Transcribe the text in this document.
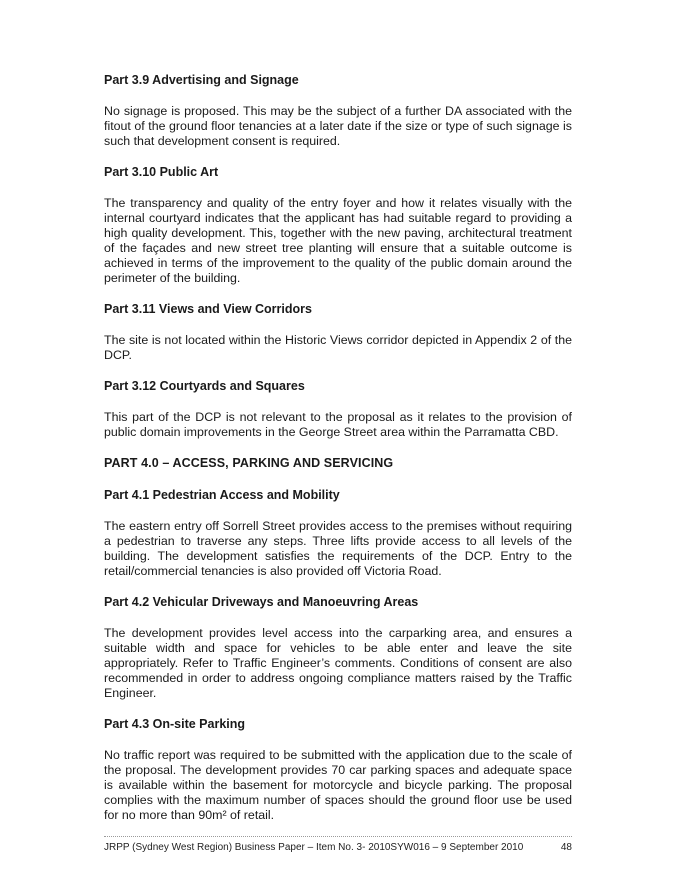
Part 3.9 Advertising and Signage
No signage is proposed. This may be the subject of a further DA associated with the fitout of the ground floor tenancies at a later date if the size or type of such signage is such that development consent is required.
Part 3.10 Public Art
The transparency and quality of the entry foyer and how it relates visually with the internal courtyard indicates that the applicant has had suitable regard to providing a high quality development. This, together with the new paving, architectural treatment of the façades and new street tree planting will ensure that a suitable outcome is achieved in terms of the improvement to the quality of the public domain around the perimeter of the building.
Part 3.11 Views and View Corridors
The site is not located within the Historic Views corridor depicted in Appendix 2 of the DCP.
Part 3.12 Courtyards and Squares
This part of the DCP is not relevant to the proposal as it relates to the provision of public domain improvements in the George Street area within the Parramatta CBD.
PART 4.0 – ACCESS, PARKING AND SERVICING
Part 4.1 Pedestrian Access and Mobility
The eastern entry off Sorrell Street provides access to the premises without requiring a pedestrian to traverse any steps. Three lifts provide access to all levels of the building. The development satisfies the requirements of the DCP. Entry to the retail/commercial tenancies is also provided off Victoria Road.
Part 4.2 Vehicular Driveways and Manoeuvring Areas
The development provides level access into the carparking area, and ensures a suitable width and space for vehicles to be able enter and leave the site appropriately. Refer to Traffic Engineer’s comments. Conditions of consent are also recommended in order to address ongoing compliance matters raised by the Traffic Engineer.
Part 4.3 On-site Parking
No traffic report was required to be submitted with the application due to the scale of the proposal. The development provides 70 car parking spaces and adequate space is available within the basement for motorcycle and bicycle parking. The proposal complies with the maximum number of spaces should the ground floor use be used for no more than 90m² of retail.
JRPP (Sydney West Region) Business Paper – Item No. 3- 2010SYW016 – 9 September 2010	48
